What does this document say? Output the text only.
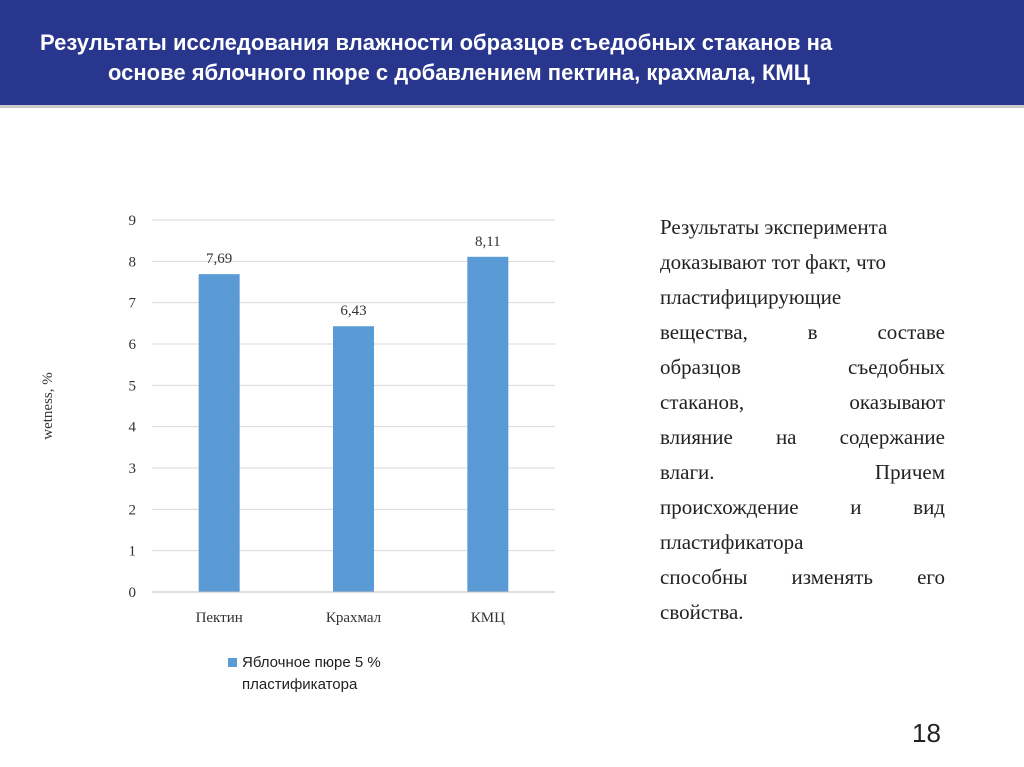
Результаты исследования влажности образцов съедобных стаканов на
основе яблочного пюре с добавлением пектина, крахмала, КМЦ
0
1
2
3
4
5
6
7
8
9
wetness, %
7,69
Пектин
6,43
Крахмал
8,11
КМЦ
Яблочное пюре 5 %
пластификатора
Результаты эксперимента
доказывают тот факт, что
пластифицирующие
вещества, в составе
образцов съедобных
стаканов, оказывают
влияние на содержание
влаги. Причем
происхождение и вид
пластификатора
способны изменять его
свойства.
18
